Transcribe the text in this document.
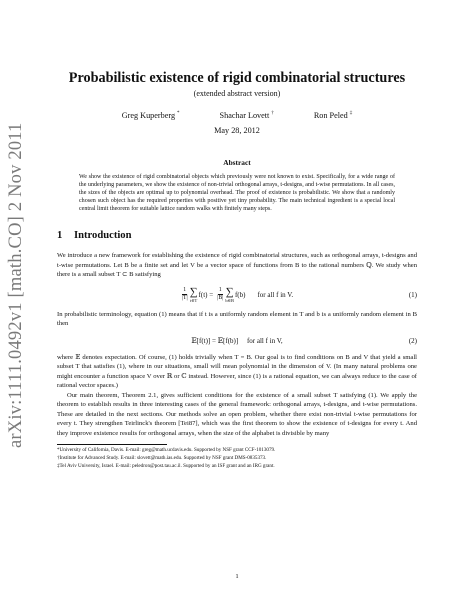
arXiv:1111.0492v1 [math.CO] 2 Nov 2011
Probabilistic existence of rigid combinatorial structures
(extended abstract version)
Greg Kuperberg *	Shachar Lovett †	Ron Peled ‡
May 28, 2012
Abstract
We show the existence of rigid combinatorial objects which previously were not known to exist. Specifically, for a wide range of the underlying parameters, we show the existence of non-trivial orthogonal arrays, t-designs, and t-wise permutations. In all cases, the sizes of the objects are optimal up to polynomial overhead. The proof of existence is probabilistic. We show that a randomly chosen such object has the required properties with positive yet tiny probability. The main technical ingredient is a special local central limit theorem for suitable lattice random walks with finitely many steps.
1 Introduction
We introduce a new framework for establishing the existence of rigid combinatorial structures, such as orthogonal arrays, t-designs and t-wise permutations. Let B be a finite set and let V be a vector space of functions from B to the rational numbers ℚ. We study when there is a small subset T ⊂ B satisfying
$\frac{1}{|T|}$ ∑
t∈T
$f(t) = \frac{1}{|B|}$ ∑
b∈B
f(b) for all f in V.	(1)
In probabilistic terminology, equation (1) means that if t is a uniformly random element in T and b is a uniformly random element in B then
𝔼[f(t)] = 𝔼[f(b)]     for all f in V,	(2)
where 𝔼 denotes expectation. Of course, (1) holds trivially when T = B. Our goal is to find conditions on B and V that yield a small subset T that satisfies (1), where in our situations, small will mean polynomial in the dimension of V. (In many natural problems one might encounter a function space V over ℝ or ℂ instead. However, since (1) is a rational equation, we can always reduce to the case of rational vector spaces.)
Our main theorem, Theorem 2.1, gives sufficient conditions for the existence of a small subset T satisfying (1). We apply the theorem to establish results in three interesting cases of the general framework: orthogonal arrays, t-designs, and t-wise permutations. These are detailed in the next sections. Our methods solve an open problem, whether there exist non-trivial t-wise permutations for every t. They strengthen Teirlinck's theorem [Tei87], which was the first theorem to show the existence of t-designs for every t. And they improve existence results for orthogonal arrays, when the size of the alphabet is divisible by many
*University of California, Davis. E-mail: greg@math.ucdavis.edu. Supported by NSF grant CCF-1013079.
†Institute for Advanced Study. E-mail: slovett@math.ias.edu. Supported by NSF grant DMS-0835373.
‡Tel Aviv University, Israel. E-mail: peledron@post.tau.ac.il. Supported by an ISF grant and an IRG grant.
1
